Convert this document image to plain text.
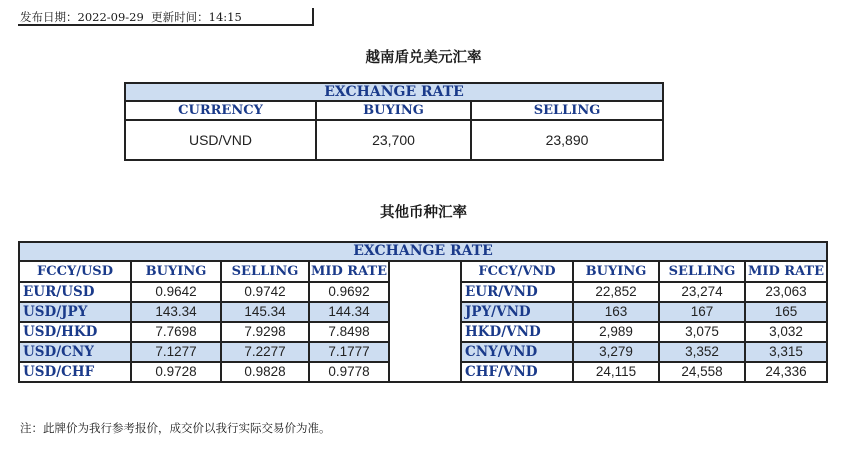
发布日期：2022-09-29 更新时间：14:15
越南盾兑美元汇率
EXCHANGE RATE		
CURRENCY	BUYING	SELLING
USD/VND	23,700	23,890
其他币种汇率
EXCHANGE RATE								
FCCY/USD	BUYING	SELLING	MID RATE		FCCY/VND	BUYING	SELLING	MID RATE
EUR/USD	0.9642	0.9742	0.9692		EUR/VND	22,852	23,274	23,063
USD/JPY	143.34	145.34	144.34		JPY/VND	163	167	165
USD/HKD	7.7698	7.9298	7.8498		HKD/VND	2,989	3,075	3,032
USD/CNY	7.1277	7.2277	7.1777		CNY/VND	3,279	3,352	3,315
USD/CHF	0.9728	0.9828	0.9778		CHF/VND	24,115	24,558	24,336
注：此牌价为我行参考报价，成交价以我行实际交易价为准。
